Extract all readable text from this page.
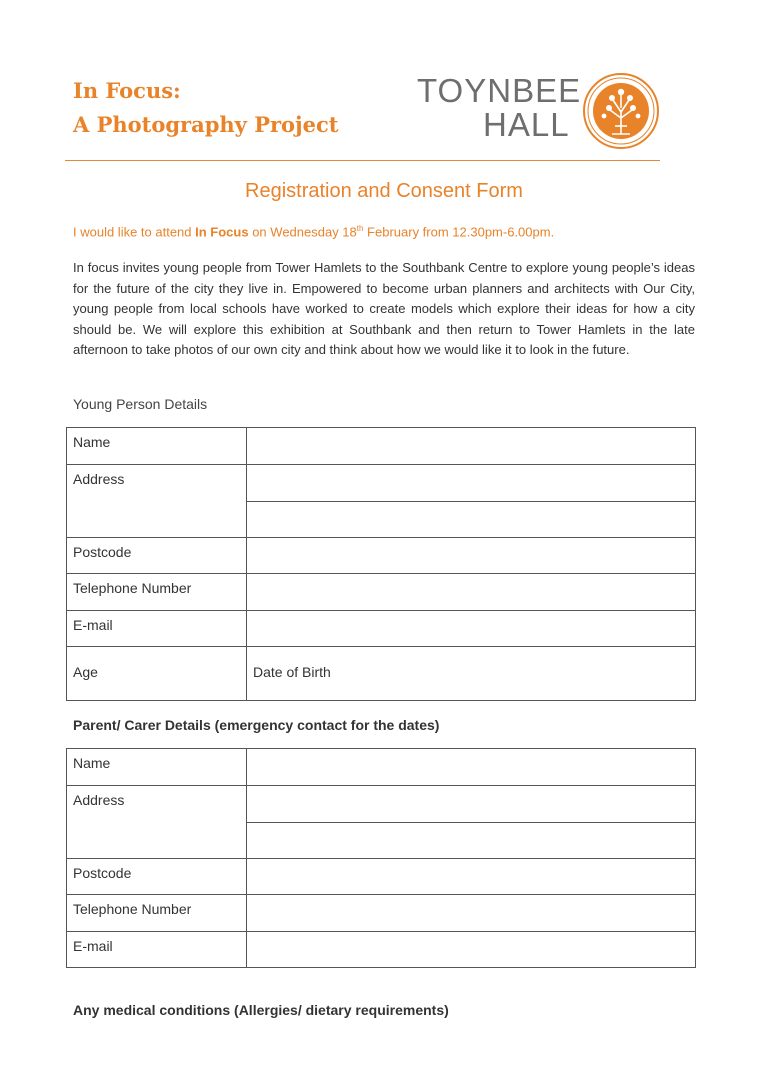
In Focus:
A Photography Project
TOYNBEE
HALL
Registration and Consent Form
I would like to attend In Focus on Wednesday 18th February from 12.30pm-6.00pm.
In focus invites young people from Tower Hamlets to the Southbank Centre to explore young people’s ideas for the future of the city they live in. Empowered to become urban planners and architects with Our City, young people from local schools have worked to create models which explore their ideas for how a city should be. We will explore this exhibition at Southbank and then return to Tower Hamlets in the late afternoon to take photos of our own city and think about how we would like it to look in the future.
Young Person Details
Name	
Address	

Postcode	
Telephone Number	
E-mail	
Age	Date of Birth
Parent/ Carer Details (emergency contact for the dates)
Name	
Address	

Postcode	
Telephone Number	
E-mail	
Any medical conditions (Allergies/ dietary requirements)
